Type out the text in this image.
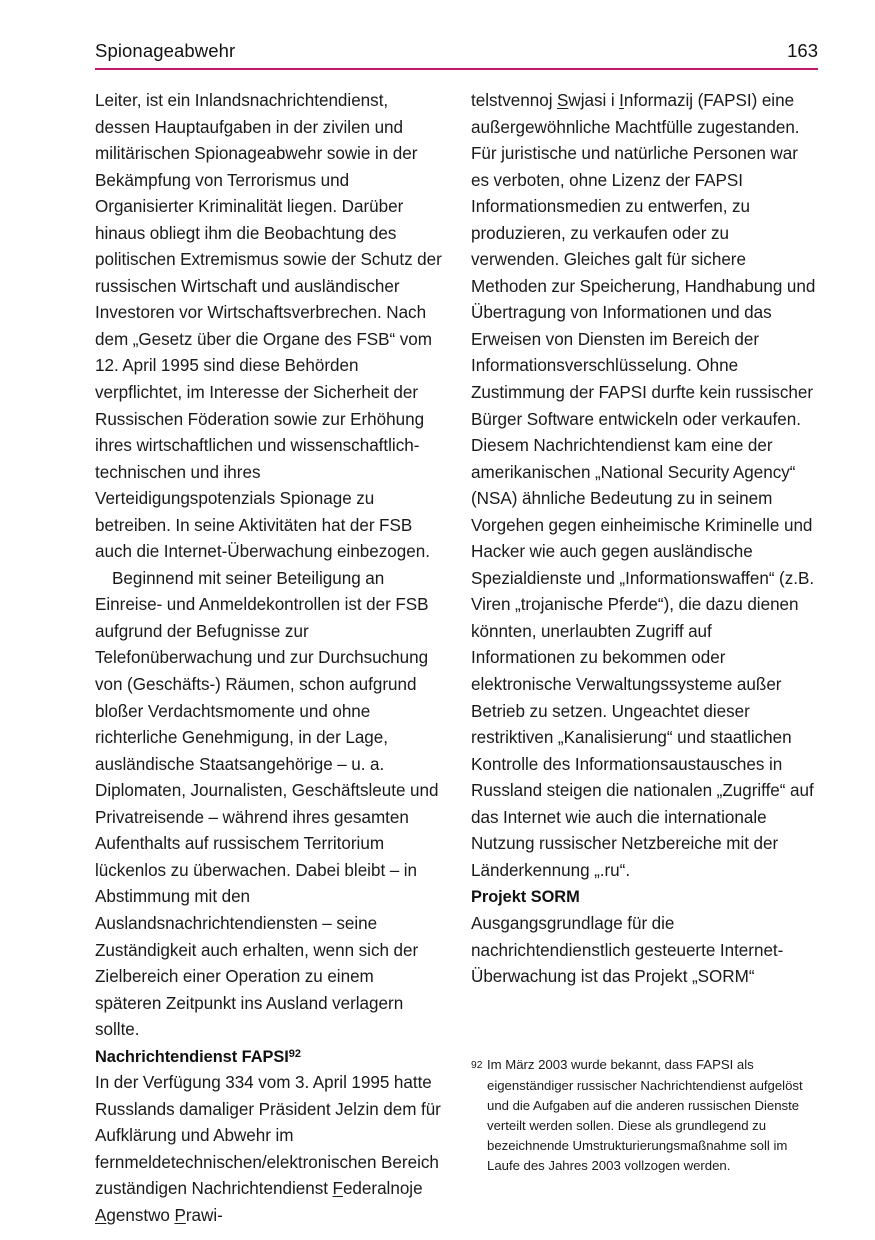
Spionageabwehr	163

Leiter, ist ein Inlandsnachrichtendienst, dessen Hauptaufgaben in der zivilen und militärischen Spionageabwehr sowie in der Bekämpfung von Terrorismus und Organisierter Kriminalität liegen. Darüber hinaus obliegt ihm die Beobachtung des politischen Extremismus sowie der Schutz der russischen Wirtschaft und ausländischer Investoren vor Wirtschaftsverbrechen. Nach dem „Gesetz über die Organe des FSB“ vom 12. April 1995 sind diese Behörden verpflichtet, im Interesse der Sicherheit der Russischen Föderation sowie zur Erhöhung ihres wirtschaftlichen und wissenschaftlich-technischen und ihres Verteidigungspotenzials Spionage zu betreiben. In seine Aktivitäten hat der FSB auch die Internet-Überwachung einbezogen.

Beginnend mit seiner Beteiligung an Einreise- und Anmeldekontrollen ist der FSB aufgrund der Befugnisse zur Telefonüberwachung und zur Durchsuchung von (Geschäfts-) Räumen, schon aufgrund bloßer Verdachtsmomente und ohne richterliche Genehmigung, in der Lage, ausländische Staatsangehörige – u. a. Diplomaten, Journalisten, Geschäftsleute und Privatreisende – während ihres gesamten Aufenthalts auf russischem Territorium lückenlos zu überwachen. Dabei bleibt – in Abstimmung mit den Auslandsnachrichtendiensten – seine Zuständigkeit auch erhalten, wenn sich der Zielbereich einer Operation zu einem späteren Zeitpunkt ins Ausland verlagern sollte.

Nachrichtendienst FAPSI$^{92}$

In der Verfügung 334 vom 3. April 1995 hatte Russlands damaliger Präsident Jelzin dem für Aufklärung und Abwehr im fernmeldetechnischen/elektronischen Bereich zuständigen Nachrichtendienst Federalnoje Agenstwo Prawi-

telstvennoj Swjasi i Informazij (FAPSI) eine außergewöhnliche Machtfülle zugestanden. Für juristische und natürliche Personen war es verboten, ohne Lizenz der FAPSI Informationsmedien zu entwerfen, zu produzieren, zu verkaufen oder zu verwenden. Gleiches galt für sichere Methoden zur Speicherung, Handhabung und Übertragung von Informationen und das Erweisen von Diensten im Bereich der Informationsverschlüsselung. Ohne Zustimmung der FAPSI durfte kein russischer Bürger Software entwickeln oder verkaufen. Diesem Nachrichtendienst kam eine der amerikanischen „National Security Agency“ (NSA) ähnliche Bedeutung zu in seinem Vorgehen gegen einheimische Kriminelle und Hacker wie auch gegen ausländische Spezialdienste und „Informationswaffen“ (z.B. Viren „trojanische Pferde“), die dazu dienen könnten, unerlaubten Zugriff auf Informationen zu bekommen oder elektronische Verwaltungssysteme außer Betrieb zu setzen. Ungeachtet dieser restriktiven „Kanalisierung“ und staatlichen Kontrolle des Informationsaustausches in Russland steigen die nationalen „Zugriffe“ auf das Internet wie auch die internationale Nutzung russischer Netzbereiche mit der Länderkennung „.ru“.

Projekt SORM

Ausgangsgrundlage für die nachrichtendienstlich gesteuerte Internet-Überwachung ist das Projekt „SORM“

92 Im März 2003 wurde bekannt, dass FAPSI als eigenständiger russischer Nachrichtendienst aufgelöst und die Aufgaben auf die anderen russischen Dienste verteilt werden sollen. Diese als grundlegend zu bezeichnende Umstrukturierungsmaßnahme soll im Laufe des Jahres 2003 vollzogen werden.
